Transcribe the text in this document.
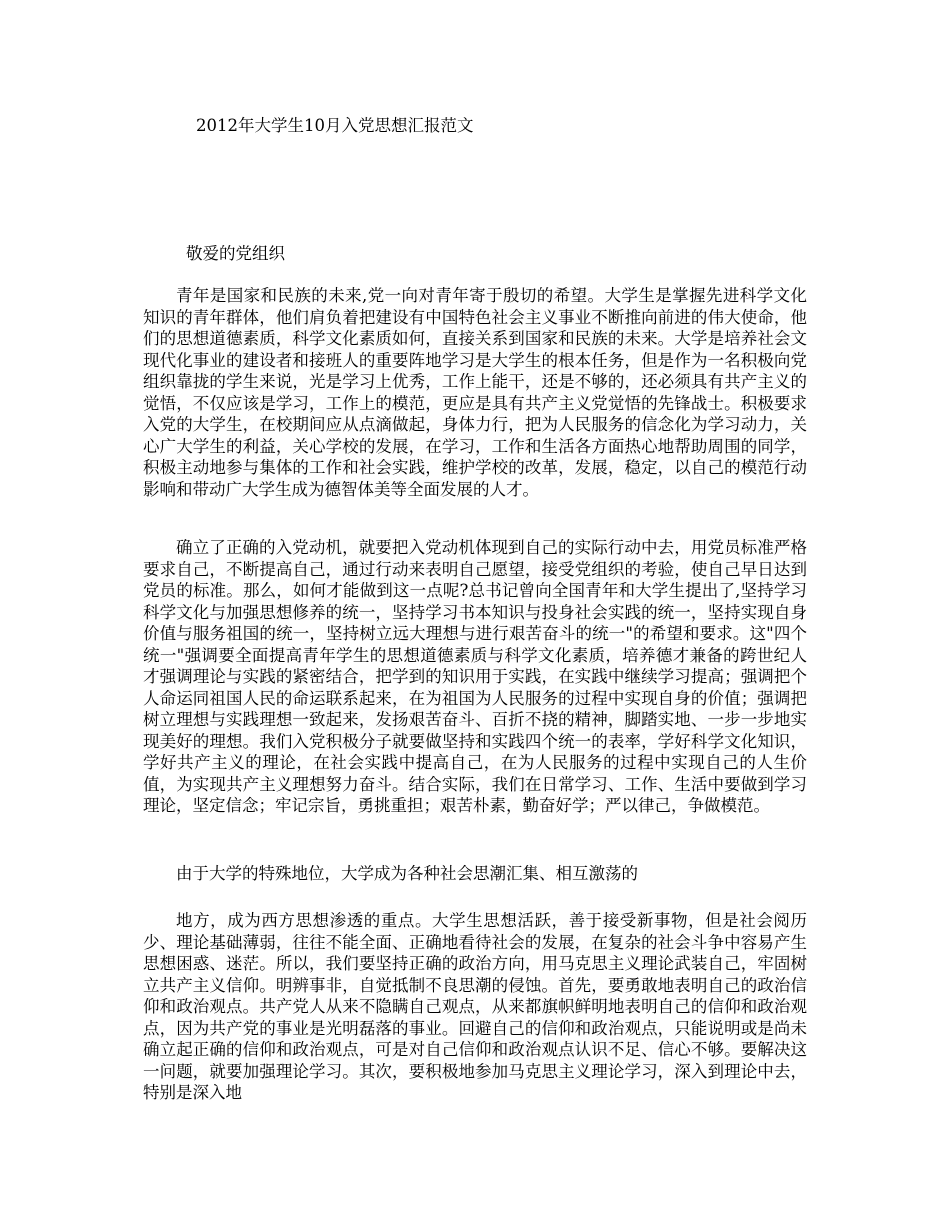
2012年大学生10月入党思想汇报范文
敬爱的党组织

青年是国家和民族的未来,党一向对青年寄于殷切的希望。大学生是掌握先进科学文化知识的青年群体，他们肩负着把建设有中国特色社会主义事业不断推向前进的伟大使命，他们的思想道德素质，科学文化素质如何，直接关系到国家和民族的未来。大学是培养社会文现代化事业的建设者和接班人的重要阵地学习是大学生的根本任务，但是作为一名积极向党组织靠拢的学生来说，光是学习上优秀，工作上能干，还是不够的，还必须具有共产主义的觉悟，不仅应该是学习，工作上的模范，更应是具有共产主义党觉悟的先锋战士。积极要求入党的大学生，在校期间应从点滴做起，身体力行，把为人民服务的信念化为学习动力，关心广大学生的利益，关心学校的发展，在学习，工作和生活各方面热心地帮助周围的同学，积极主动地参与集体的工作和社会实践，维护学校的改革，发展，稳定，以自己的模范行动影响和带动广大学生成为德智体美等全面发展的人才。

确立了正确的入党动机，就要把入党动机体现到自己的实际行动中去，用党员标准严格要求自己，不断提高自己，通过行动来表明自己愿望，接受党组织的考验，使自己早日达到党员的标准。那么，如何才能做到这一点呢?总书记曾向全国青年和大学生提出了,坚持学习科学文化与加强思想修养的统一，坚持学习书本知识与投身社会实践的统一，坚持实现自身价值与服务祖国的统一，坚持树立远大理想与进行艰苦奋斗的统一"的希望和要求。这"四个统一"强调要全面提高青年学生的思想道德素质与科学文化素质，培养德才兼备的跨世纪人才强调理论与实践的紧密结合，把学到的知识用于实践，在实践中继续学习提高；强调把个人命运同祖国人民的命运联系起来，在为祖国为人民服务的过程中实现自身的价值；强调把树立理想与实践理想一致起来，发扬艰苦奋斗、百折不挠的精神，脚踏实地、一步一步地实现美好的理想。我们入党积极分子就要做坚持和实践四个统一的表率，学好科学文化知识，学好共产主义的理论，在社会实践中提高自己，在为人民服务的过程中实现自己的人生价值，为实现共产主义理想努力奋斗。结合实际，我们在日常学习、工作、生活中要做到学习理论，坚定信念；牢记宗旨，勇挑重担；艰苦朴素，勤奋好学；严以律己，争做模范。

由于大学的特殊地位，大学成为各种社会思潮汇集、相互激荡的

地方，成为西方思想渗透的重点。大学生思想活跃，善于接受新事物，但是社会阅历少、理论基础薄弱，往往不能全面、正确地看待社会的发展，在复杂的社会斗争中容易产生思想困惑、迷茫。所以，我们要坚持正确的政治方向，用马克思主义理论武装自己，牢固树立共产主义信仰。明辨事非，自觉抵制不良思潮的侵蚀。首先，要勇敢地表明自己的政治信仰和政治观点。共产党人从来不隐瞒自己观点，从来都旗帜鲜明地表明自己的信仰和政治观点，因为共产党的事业是光明磊落的事业。回避自己的信仰和政治观点，只能说明或是尚未确立起正确的信仰和政治观点，可是对自己信仰和政治观点认识不足、信心不够。要解决这一问题，就要加强理论学习。其次，要积极地参加马克思主义理论学习，深入到理论中去，特别是深入地
